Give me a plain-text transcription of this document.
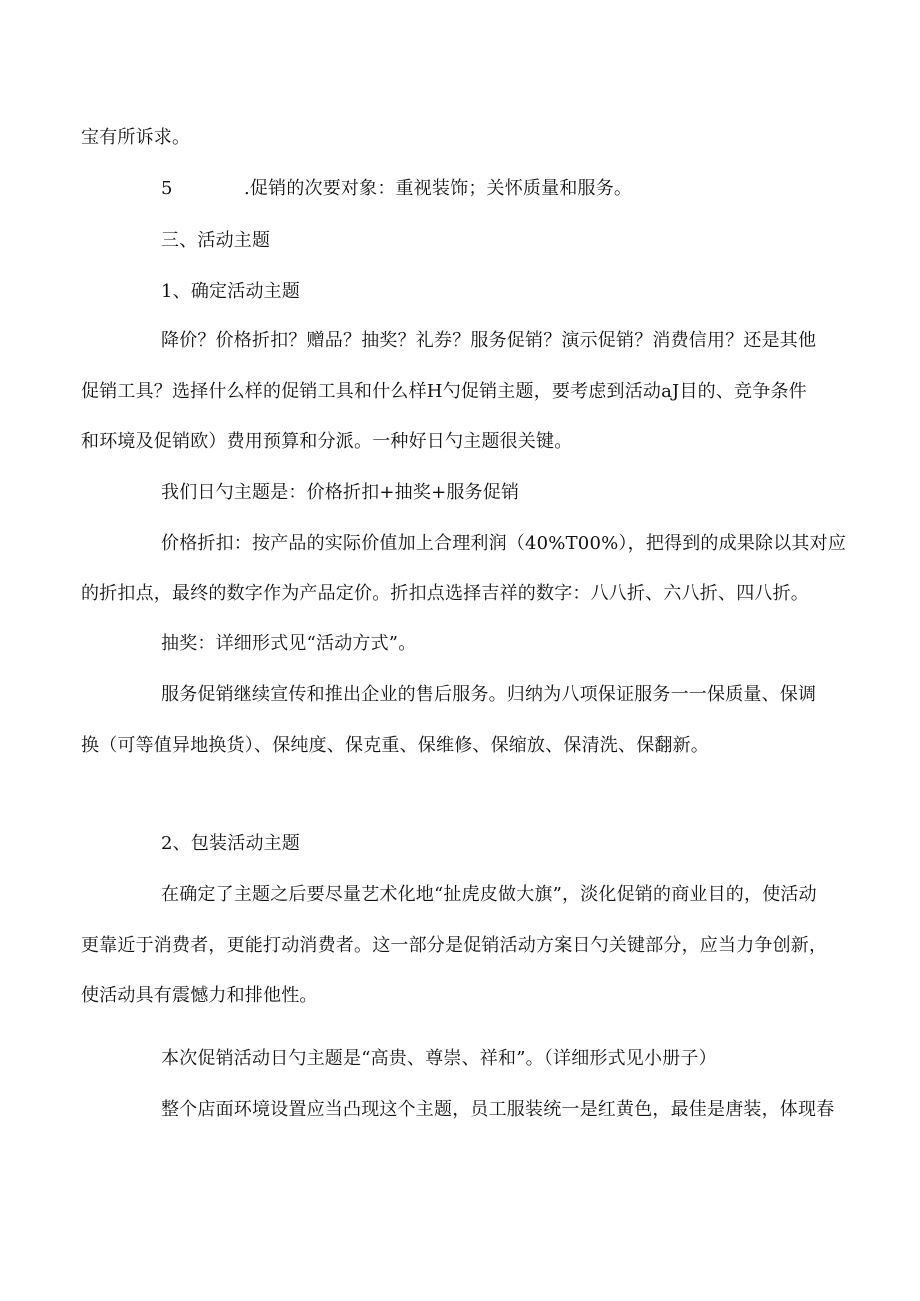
宝有所诉求。
5	.促销的次要对象：重视装饰；关怀质量和服务。
三、活动主题
1、确定活动主题
降价？价格折扣？赠品？抽奖？礼券？服务促销？演示促销？消费信用？还是其他
促销工具？选择什么样的促销工具和什么样H勺促销主题，要考虑到活动aJ目的、竞争条件
和环境及促销欧）费用预算和分派。一种好日勺主题很关键。
我们日勺主题是：价格折扣+抽奖+服务促销
价格折扣：按产品的实际价值加上合理利润（40%T00%），把得到的成果除以其对应
的折扣点，最终的数字作为产品定价。折扣点选择吉祥的数字：八八折、六八折、四八折。
抽奖：详细形式见“活动方式”。
服务促销继续宣传和推出企业的售后服务。归纳为八项保证服务一一保质量、保调
换（可等值异地换货）、保纯度、保克重、保维修、保缩放、保清洗、保翻新。
2、包装活动主题
在确定了主题之后要尽量艺术化地“扯虎皮做大旗”，淡化促销的商业目的，使活动
更靠近于消费者，更能打动消费者。这一部分是促销活动方案日勺关键部分，应当力争创新，
使活动具有震憾力和排他性。
本次促销活动日勺主题是“高贵、尊崇、祥和”。（详细形式见小册子）
整个店面环境设置应当凸现这个主题，员工服装统一是红黄色，最佳是唐装，体现春
